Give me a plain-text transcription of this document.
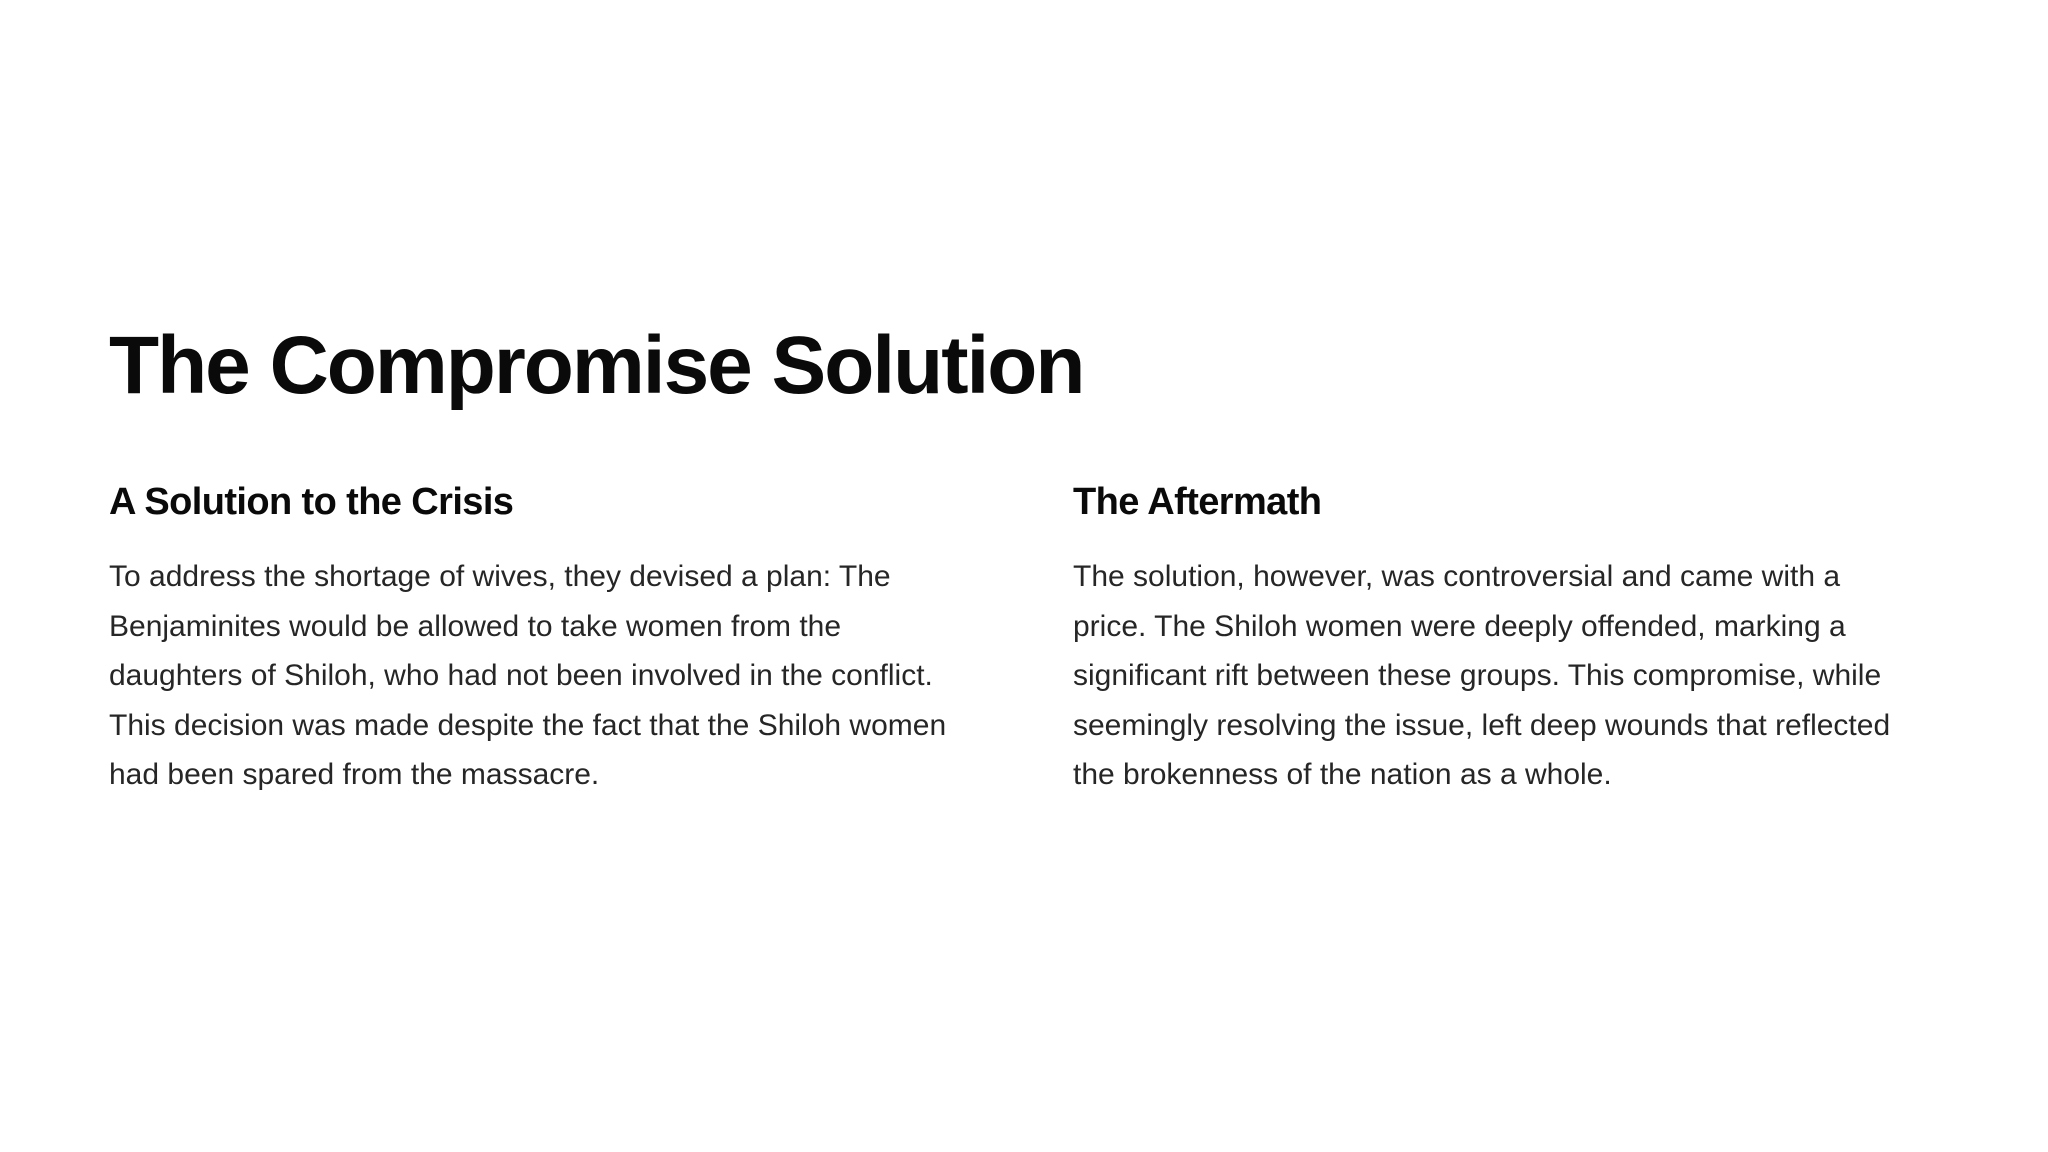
The Compromise Solution
A Solution to the Crisis

To address the shortage of wives, they devised a plan: The
Benjaminites would be allowed to take women from the
daughters of Shiloh, who had not been involved in the conflict.
This decision was made despite the fact that the Shiloh women
had been spared from the massacre.

The Aftermath

The solution, however, was controversial and came with a
price. The Shiloh women were deeply offended, marking a
significant rift between these groups. This compromise, while
seemingly resolving the issue, left deep wounds that reflected
the brokenness of the nation as a whole.
